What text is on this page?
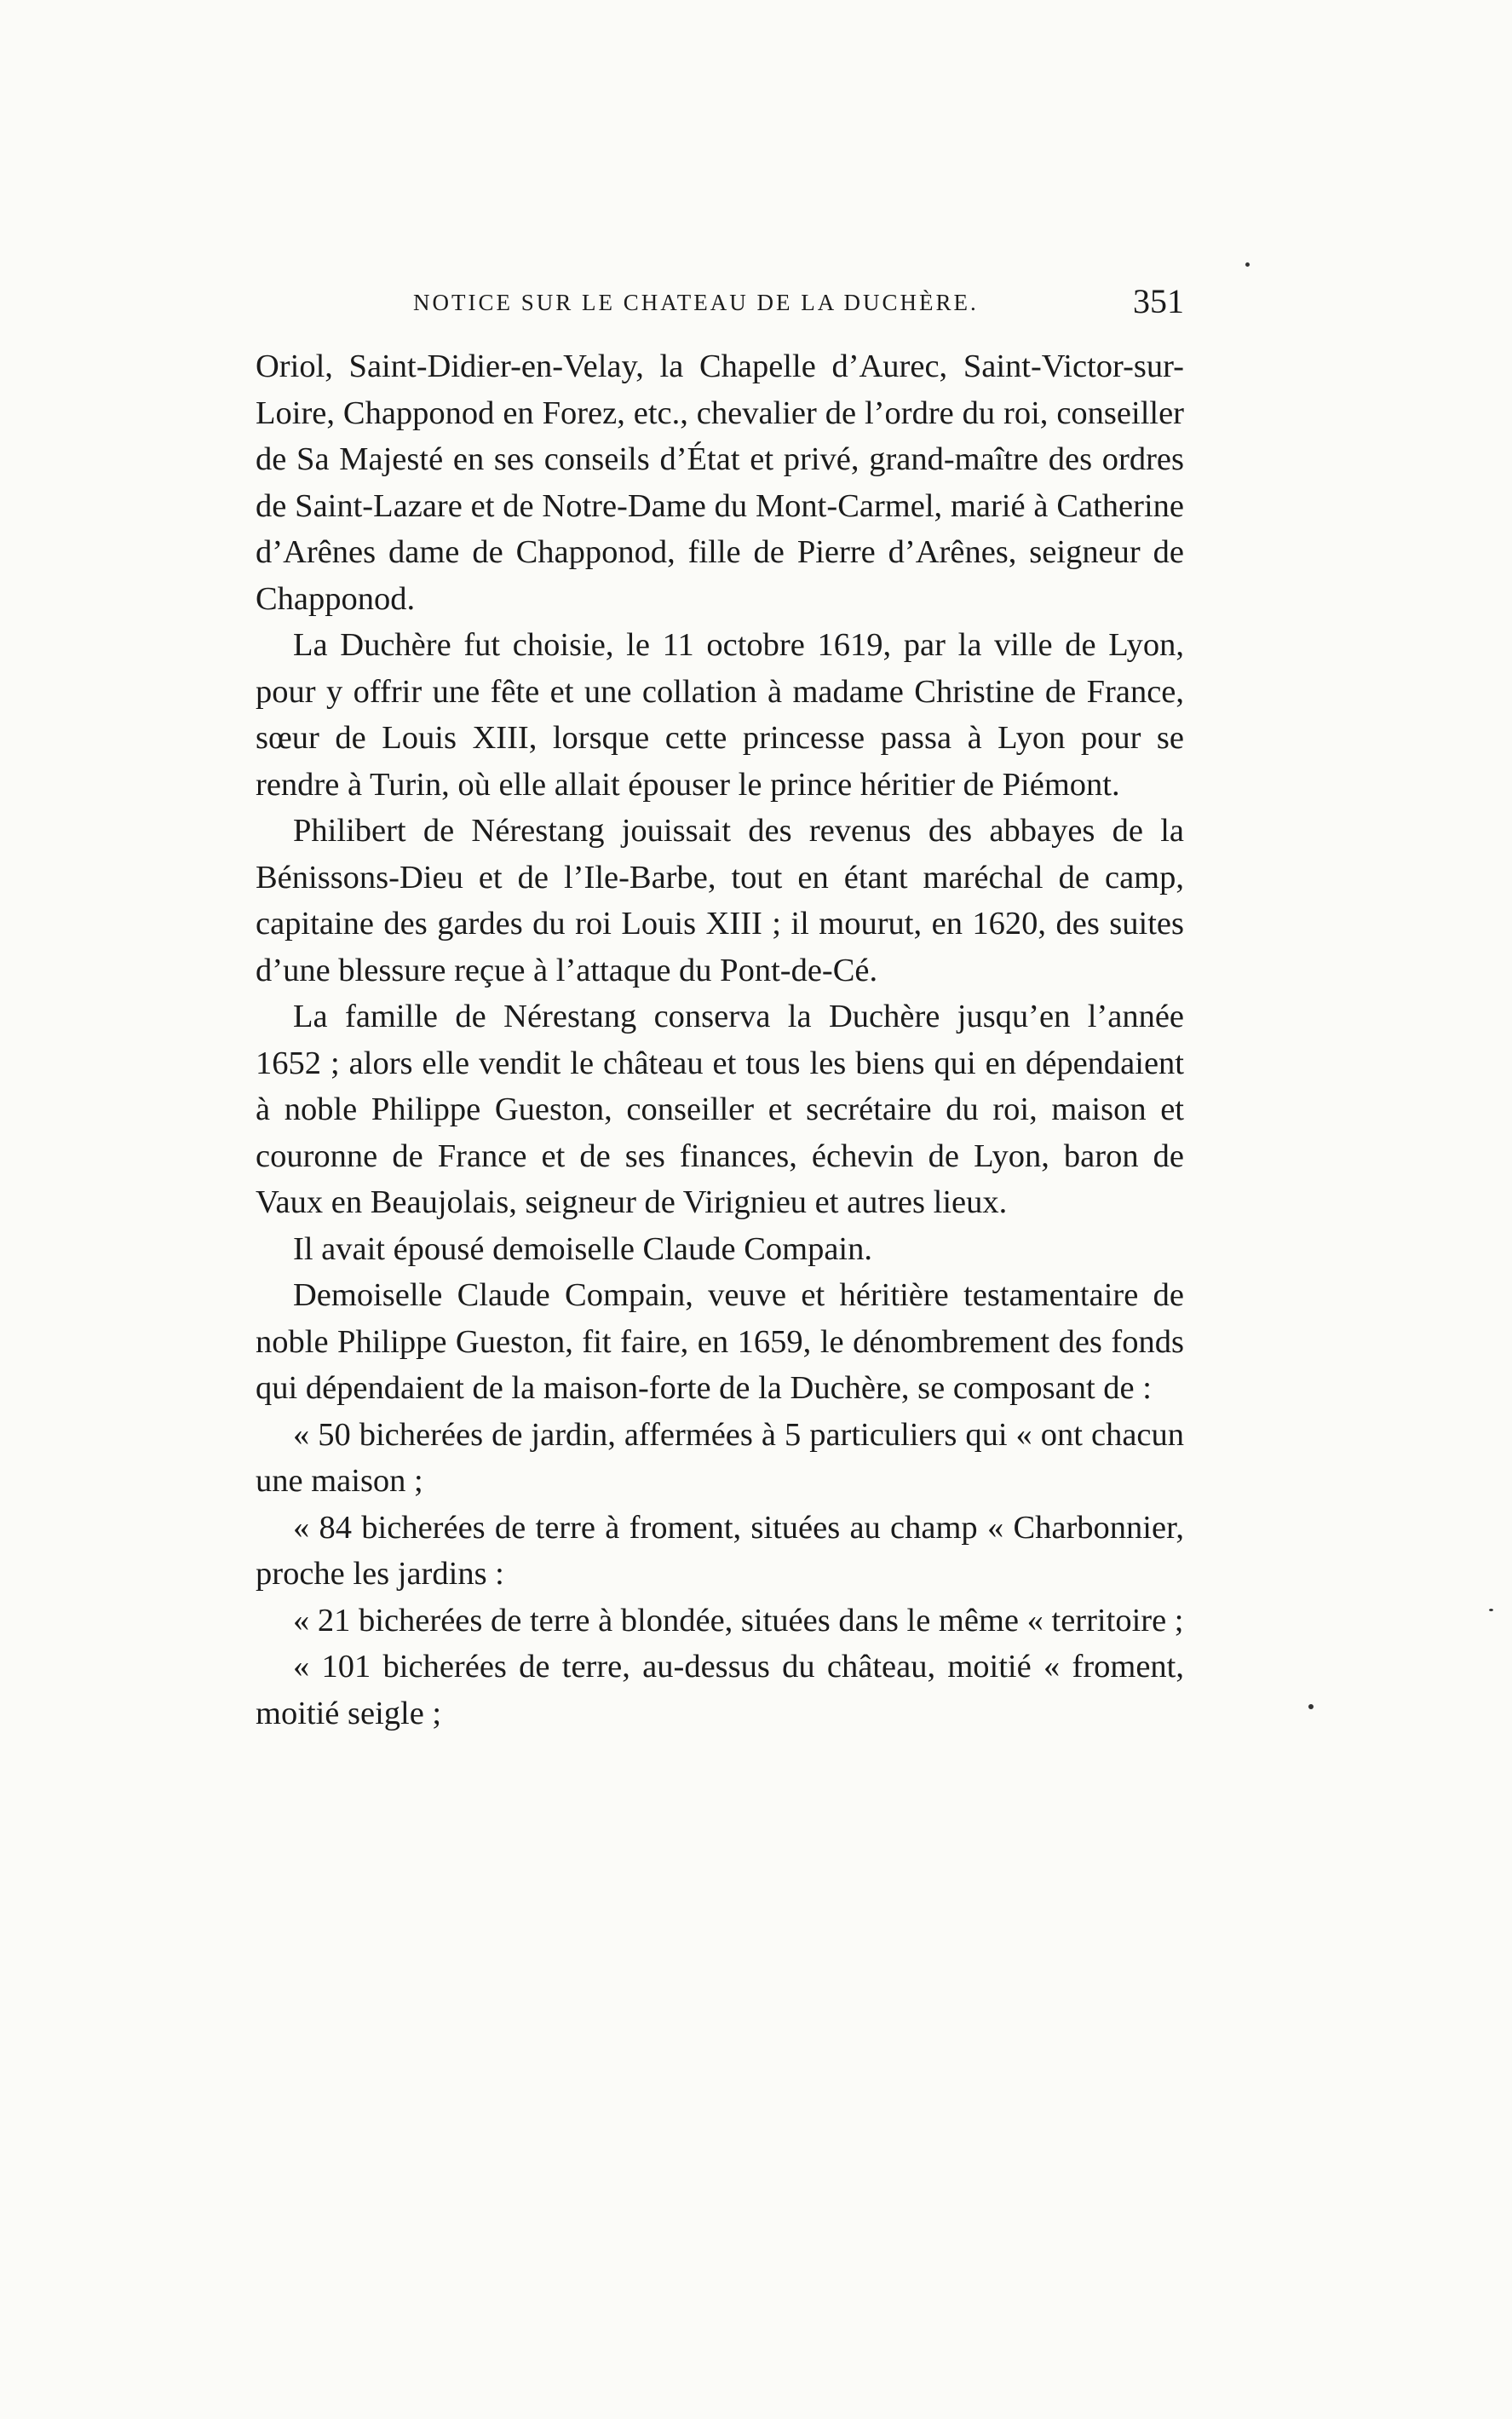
NOTICE SUR LE CHATEAU DE LA DUCHÈRE.	351

Oriol, Saint-Didier-en-Velay, la Chapelle d’Aurec, Saint-Victor-sur-Loire, Chapponod en Forez, etc., chevalier de l’ordre du roi, conseiller de Sa Majesté en ses conseils d’État et privé, grand-maître des ordres de Saint-Lazare et de Notre-Dame du Mont-Carmel, marié à Catherine d’Arênes dame de Chapponod, fille de Pierre d’Arênes, seigneur de Chapponod.

La Duchère fut choisie, le 11 octobre 1619, par la ville de Lyon, pour y offrir une fête et une collation à madame Christine de France, sœur de Louis XIII, lorsque cette princesse passa à Lyon pour se rendre à Turin, où elle allait épouser le prince héritier de Piémont.

Philibert de Nérestang jouissait des revenus des abbayes de la Bénissons-Dieu et de l’Ile-Barbe, tout en étant maréchal de camp, capitaine des gardes du roi Louis XIII ; il mourut, en 1620, des suites d’une blessure reçue à l’attaque du Pont-de-Cé.

La famille de Nérestang conserva la Duchère jusqu’en l’année 1652 ; alors elle vendit le château et tous les biens qui en dépendaient à noble Philippe Gueston, conseiller et secrétaire du roi, maison et couronne de France et de ses finances, échevin de Lyon, baron de Vaux en Beaujolais, seigneur de Virignieu et autres lieux.

Il avait épousé demoiselle Claude Compain.

Demoiselle Claude Compain, veuve et héritière testamentaire de noble Philippe Gueston, fit faire, en 1659, le dénombrement des fonds qui dépendaient de la maison-forte de la Duchère, se composant de :

« 50 bicherées de jardin, affermées à 5 particuliers qui « ont chacun une maison ;

« 84 bicherées de terre à froment, situées au champ « Charbonnier, proche les jardins :

« 21 bicherées de terre à blondée, situées dans le même « territoire ;

« 101 bicherées de terre, au-dessus du château, moitié « froment, moitié seigle ;
